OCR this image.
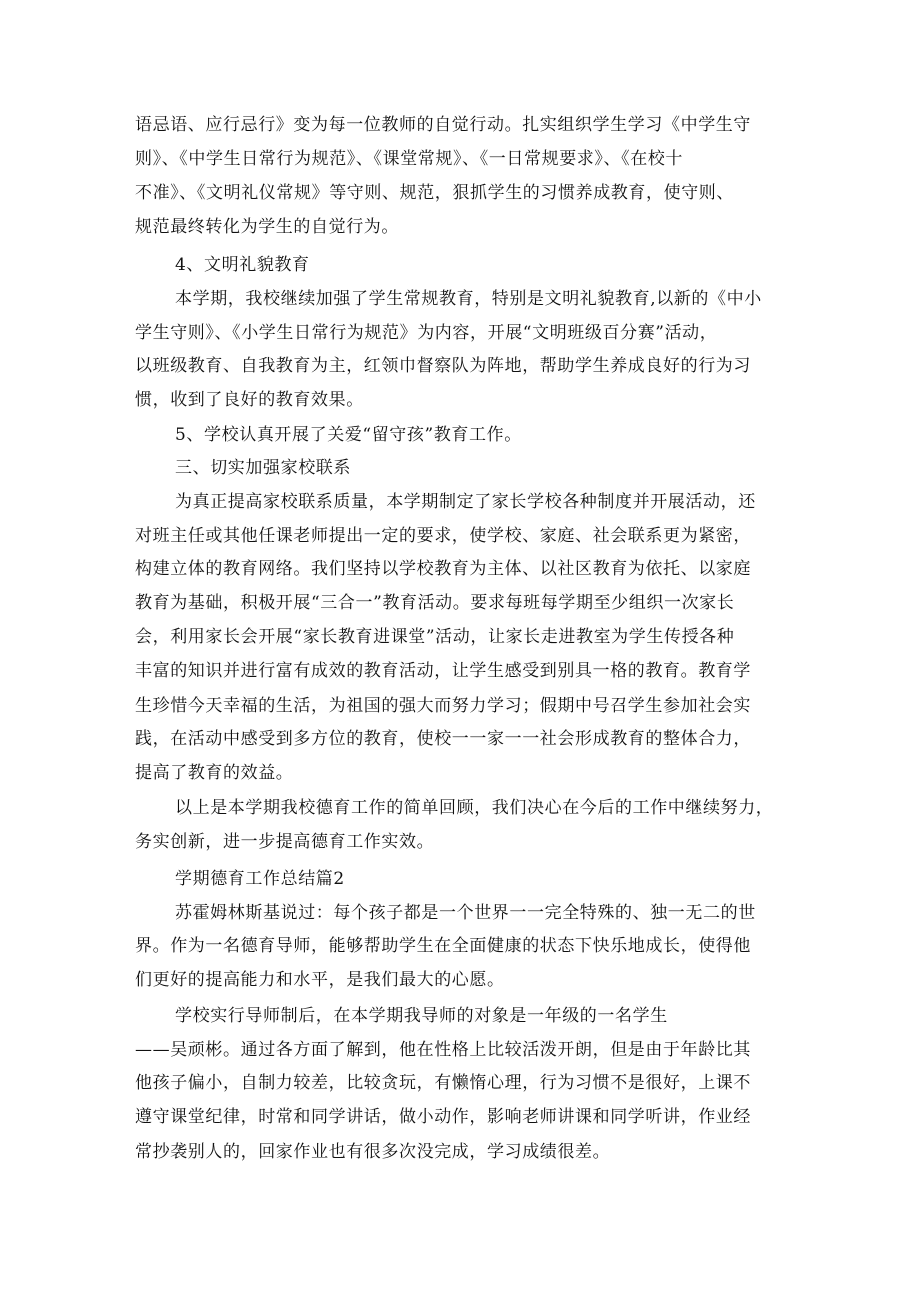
语忌语、应行忌行》变为每一位教师的自觉行动。扎实组织学生学习《中学生守
则》、《中学生日常行为规范》、《课堂常规》、《一日常规要求》、《在校十
不准》、《文明礼仪常规》等守则、规范，狠抓学生的习惯养成教育，使守则、
规范最终转化为学生的自觉行为。
4、文明礼貌教育
本学期，我校继续加强了学生常规教育，特别是文明礼貌教育,以新的《中小
学生守则》、《小学生日常行为规范》为内容，开展“文明班级百分赛”活动，
以班级教育、自我教育为主，红领巾督察队为阵地，帮助学生养成良好的行为习
惯，收到了良好的教育效果。
5、学校认真开展了关爱“留守孩”教育工作。
三、切实加强家校联系
为真正提高家校联系质量，本学期制定了家长学校各种制度并开展活动，还
对班主任或其他任课老师提出一定的要求，使学校、家庭、社会联系更为紧密，
构建立体的教育网络。我们坚持以学校教育为主体、以社区教育为依托、以家庭
教育为基础，积极开展“三合一”教育活动。要求每班每学期至少组织一次家长
会，利用家长会开展“家长教育进课堂”活动，让家长走进教室为学生传授各种
丰富的知识并进行富有成效的教育活动，让学生感受到别具一格的教育。教育学
生珍惜今天幸福的生活，为祖国的强大而努力学习；假期中号召学生参加社会实
践，在活动中感受到多方位的教育，使校一一家一一社会形成教育的整体合力，
提高了教育的效益。
以上是本学期我校德育工作的简单回顾，我们决心在今后的工作中继续努力，
务实创新，进一步提高德育工作实效。
学期德育工作总结篇2
苏霍姆林斯基说过：每个孩子都是一个世界一一完全特殊的、独一无二的世
界。作为一名德育导师，能够帮助学生在全面健康的状态下快乐地成长，使得他
们更好的提高能力和水平，是我们最大的心愿。
学校实行导师制后，在本学期我导师的对象是一年级的一名学生
——吴顽彬。通过各方面了解到，他在性格上比较活泼开朗，但是由于年龄比其
他孩子偏小，自制力较差，比较贪玩，有懒惰心理，行为习惯不是很好，上课不
遵守课堂纪律，时常和同学讲话，做小动作，影响老师讲课和同学听讲，作业经
常抄袭别人的，回家作业也有很多次没完成，学习成绩很差。
